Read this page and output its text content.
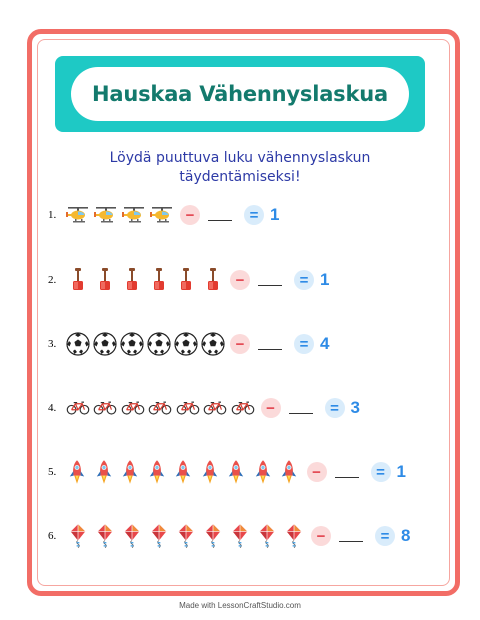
Hauskaa Vähennyslaskua
Löydä puuttuva luku vähennyslaskun täydentämiseksi!
1.	−	= 1
2.	−	= 1
3.	−	= 4
4.	−	= 3
5.	−	= 1
6.	−	= 8
Made with LessonCraftStudio.com
